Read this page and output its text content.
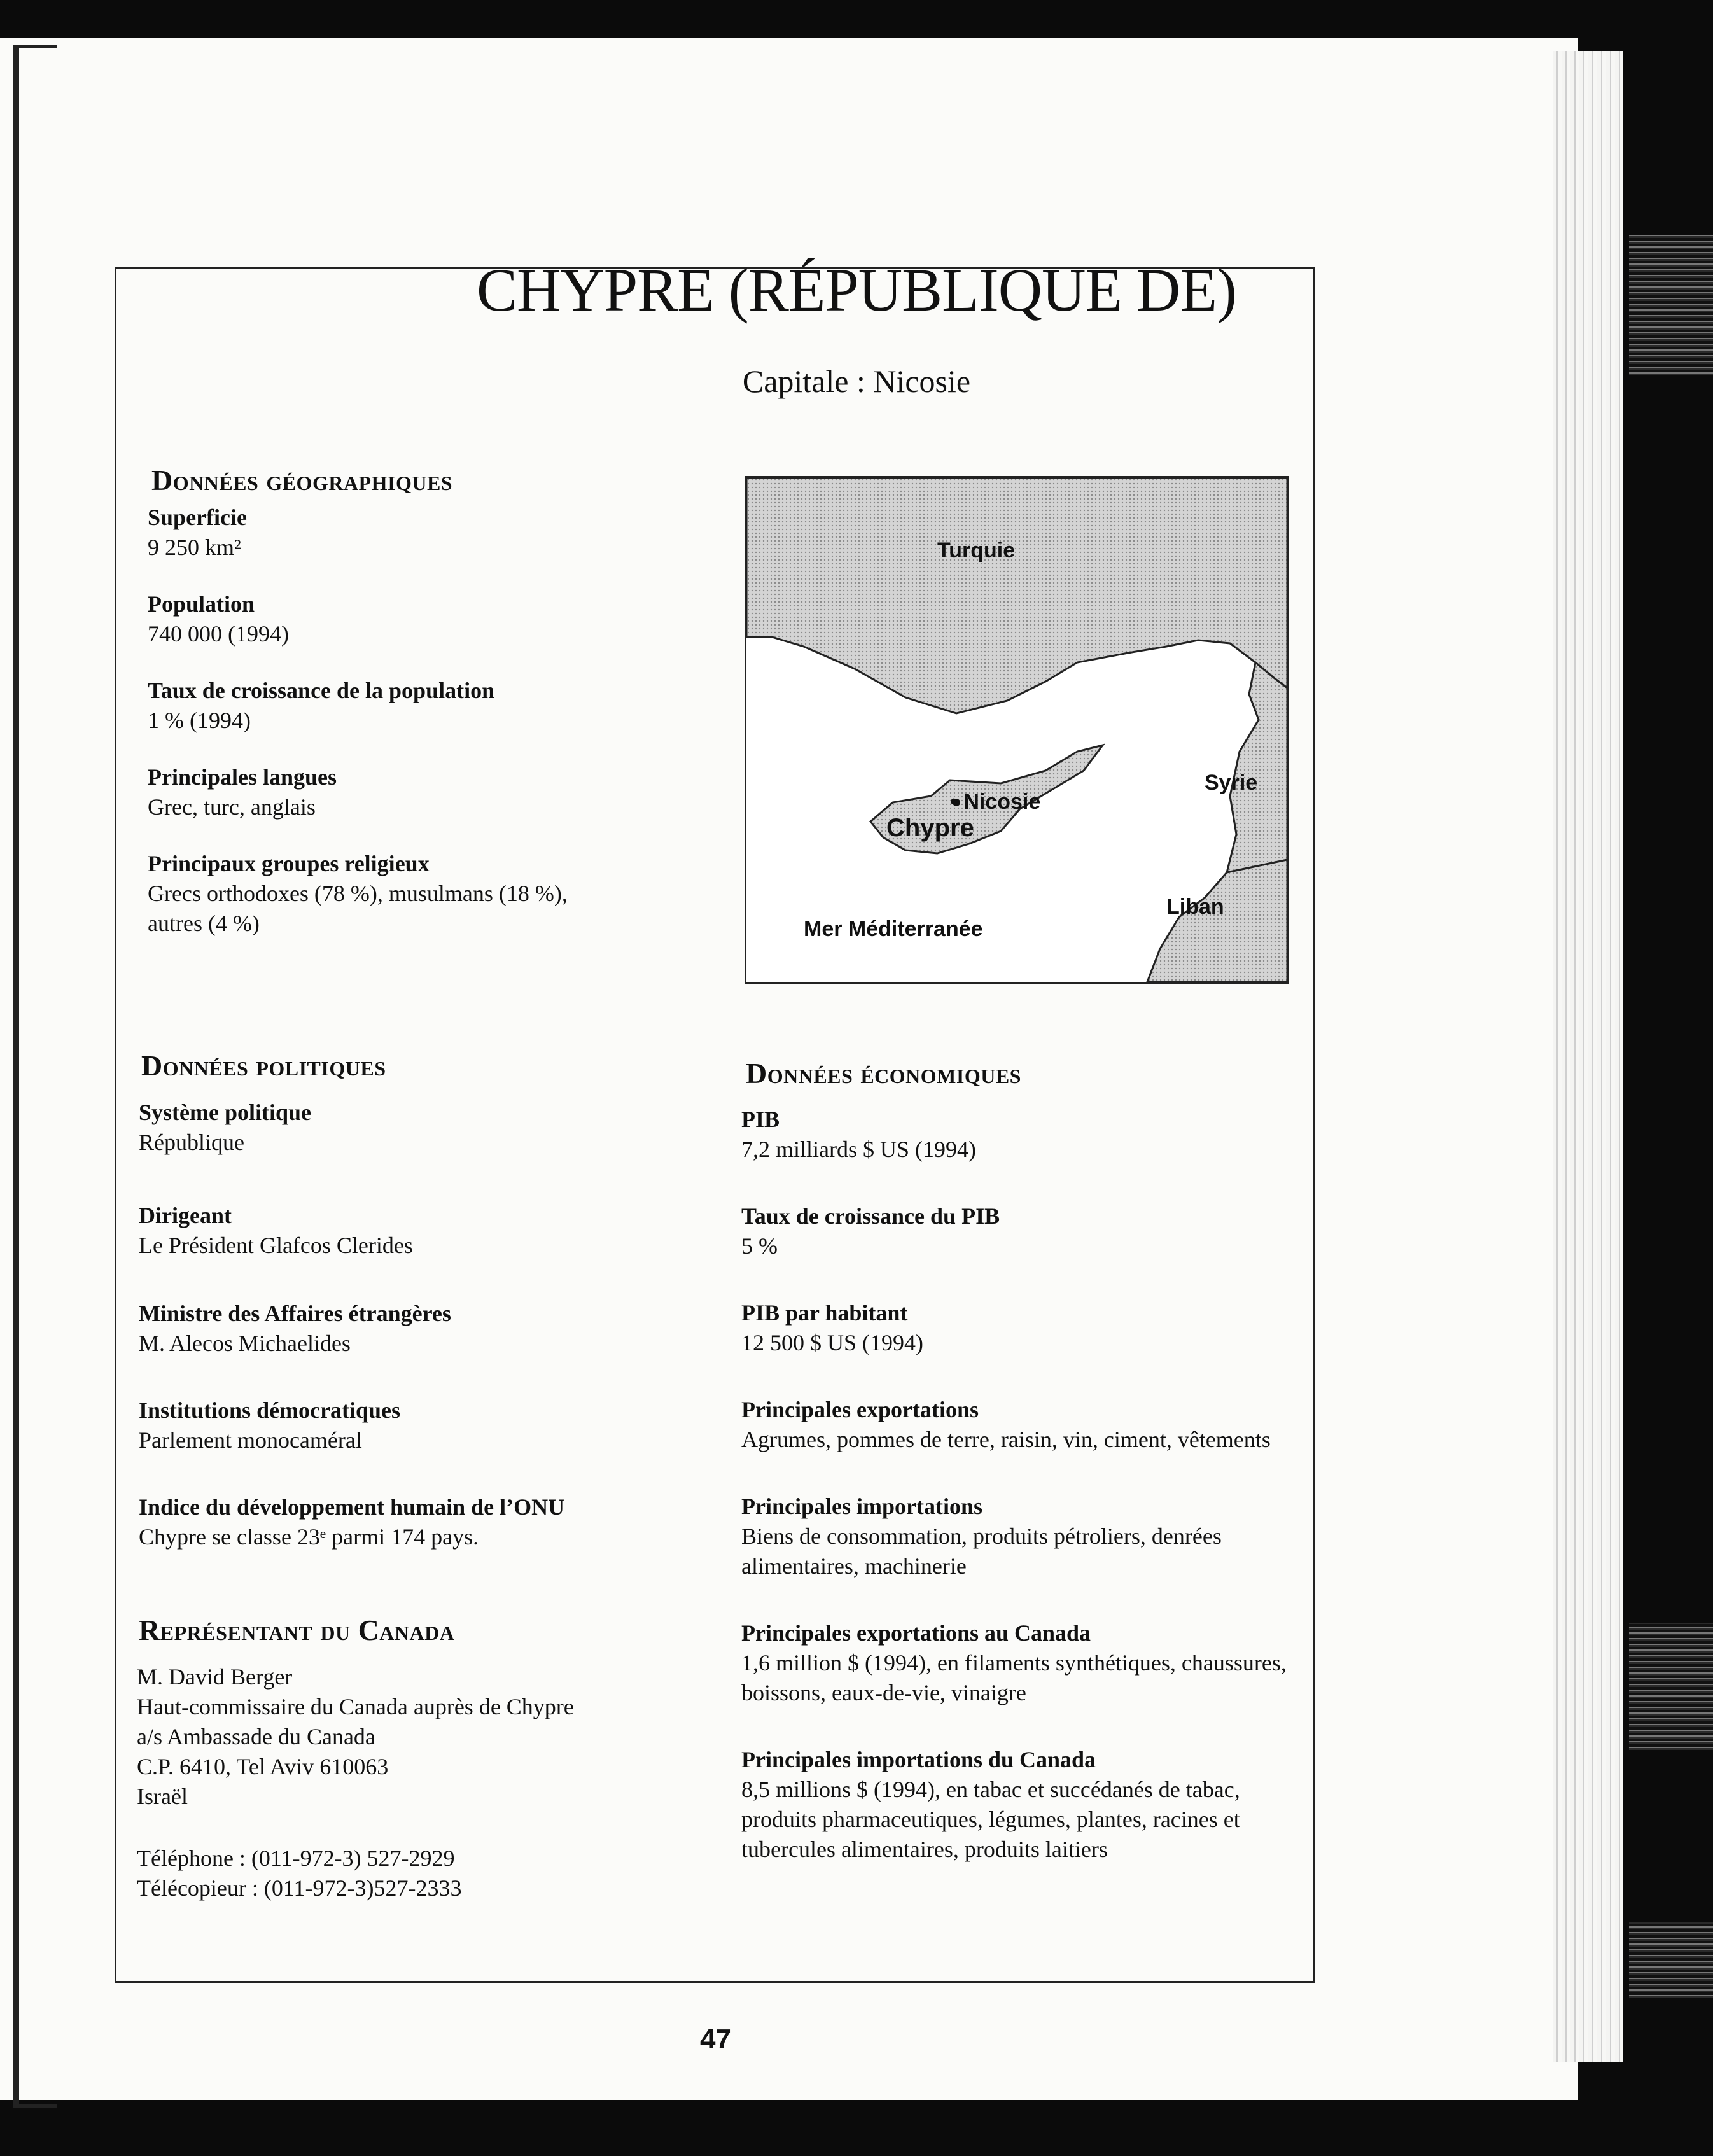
CHYPRE (RÉPUBLIQUE DE)
Capitale : Nicosie
Données géographiques
Superficie
9 250 km²
Population
740 000 (1994)
Taux de croissance de la population
1 % (1994)
Principales langues
Grec, turc, anglais
Principaux groupes religieux
Grecs orthodoxes (78 %), musulmans (18 %),
autres (4 %)
Turquie
• Nicosie
Chypre
Syrie
Liban
Mer Méditerranée
Données politiques
Système politique
République
Dirigeant
Le Président Glafcos Clerides
Ministre des Affaires étrangères
M. Alecos Michaelides
Institutions démocratiques
Parlement monocaméral
Indice du développement humain de l’ONU
Chypre se classe 23ᵉ parmi 174 pays.
Représentant du Canada
M. David Berger
Haut-commissaire du Canada auprès de Chypre
a/s Ambassade du Canada
C.P. 6410, Tel Aviv 610063
Israël
Téléphone : (011-972-3) 527-2929
Télécopieur : (011-972-3)527-2333
Données économiques
PIB
7,2 milliards $ US (1994)
Taux de croissance du PIB
5 %
PIB par habitant
12 500 $ US (1994)
Principales exportations
Agrumes, pommes de terre, raisin, vin, ciment, vêtements
Principales importations
Biens de consommation, produits pétroliers, denrées
alimentaires, machinerie
Principales exportations au Canada
1,6 million $ (1994), en filaments synthétiques, chaussures,
boissons, eaux-de-vie, vinaigre
Principales importations du Canada
8,5 millions $ (1994), en tabac et succédanés de tabac,
produits pharmaceutiques, légumes, plantes, racines et
tubercules alimentaires, produits laitiers
47
